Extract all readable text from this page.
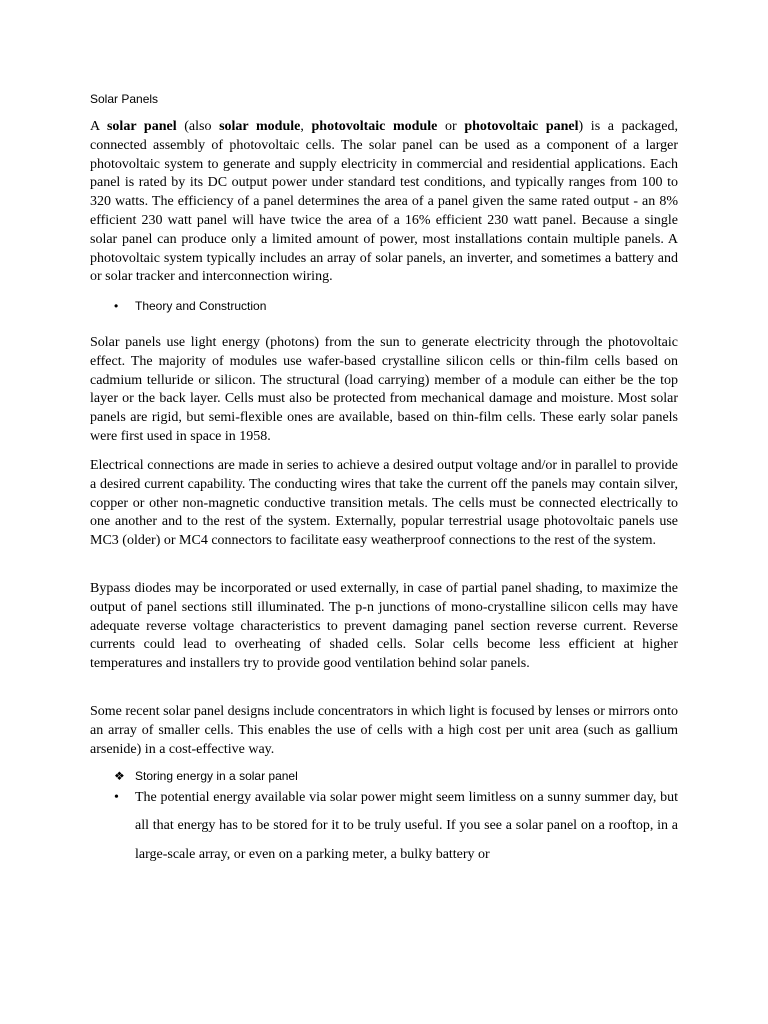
Solar Panels

A solar panel (also solar module, photovoltaic module or photovoltaic panel) is a packaged, connected assembly of photovoltaic cells. The solar panel can be used as a component of a larger photovoltaic system to generate and supply electricity in commercial and residential applications. Each panel is rated by its DC output power under standard test conditions, and typically ranges from 100 to 320 watts. The efficiency of a panel determines the area of a panel given the same rated output - an 8% efficient 230 watt panel will have twice the area of a 16% efficient 230 watt panel. Because a single solar panel can produce only a limited amount of power, most installations contain multiple panels. A photovoltaic system typically includes an array of solar panels, an inverter, and sometimes a battery and or solar tracker and interconnection wiring.

• Theory and Construction

Solar panels use light energy (photons) from the sun to generate electricity through the photovoltaic effect. The majority of modules use wafer-based crystalline silicon cells or thin-film cells based on cadmium telluride or silicon. The structural (load carrying) member of a module can either be the top layer or the back layer. Cells must also be protected from mechanical damage and moisture. Most solar panels are rigid, but semi-flexible ones are available, based on thin-film cells. These early solar panels were first used in space in 1958.

Electrical connections are made in series to achieve a desired output voltage and/or in parallel to provide a desired current capability. The conducting wires that take the current off the panels may contain silver, copper or other non-magnetic conductive transition metals. The cells must be connected electrically to one another and to the rest of the system. Externally, popular terrestrial usage photovoltaic panels use MC3 (older) or MC4 connectors to facilitate easy weatherproof connections to the rest of the system.

Bypass diodes may be incorporated or used externally, in case of partial panel shading, to maximize the output of panel sections still illuminated. The p-n junctions of mono-crystalline silicon cells may have adequate reverse voltage characteristics to prevent damaging panel section reverse current. Reverse currents could lead to overheating of shaded cells. Solar cells become less efficient at higher temperatures and installers try to provide good ventilation behind solar panels.

Some recent solar panel designs include concentrators in which light is focused by lenses or mirrors onto an array of smaller cells. This enables the use of cells with a high cost per unit area (such as gallium arsenide) in a cost-effective way.

❖ Storing energy in a solar panel

• The potential energy available via solar power might seem limitless on a sunny summer day, but all that energy has to be stored for it to be truly useful. If you see a solar panel on a rooftop, in a large-scale array, or even on a parking meter, a bulky battery or
